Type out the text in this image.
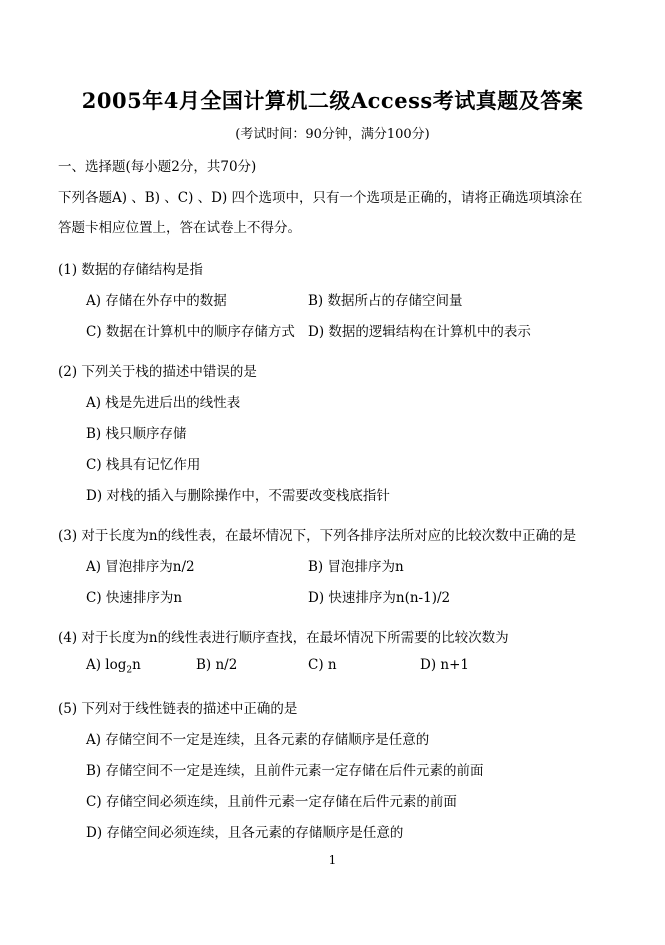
2005年4月全国计算机二级Access考试真题及答案
(考试时间：90分钟，满分100分)
一、选择题(每小题2分，共70分)
下列各题A) 、B) 、C) 、D) 四个选项中，只有一个选项是正确的，请将正确选项填涂在
答题卡相应位置上，答在试卷上不得分。
(1) 数据的存储结构是指
A) 存储在外存中的数据	B) 数据所占的存储空间量
C) 数据在计算机中的顺序存储方式 D) 数据的逻辑结构在计算机中的表示
(2) 下列关于栈的描述中错误的是
A) 栈是先进后出的线性表
B) 栈只顺序存储
C) 栈具有记忆作用
D) 对栈的插入与删除操作中，不需要改变栈底指针
(3) 对于长度为n的线性表，在最坏情况下，下列各排序法所对应的比较次数中正确的是
A) 冒泡排序为n/2	B) 冒泡排序为n
C) 快速排序为n	D) 快速排序为n(n-1)/2
(4) 对于长度为n的线性表进行顺序查找，在最坏情况下所需要的比较次数为
A) $\log_2n$	B) n/2	C) n	D) n+1
(5) 下列对于线性链表的描述中正确的是
A) 存储空间不一定是连续，且各元素的存储顺序是任意的
B) 存储空间不一定是连续，且前件元素一定存储在后件元素的前面
C) 存储空间必须连续，且前件元素一定存储在后件元素的前面
D) 存储空间必须连续，且各元素的存储顺序是任意的
1
